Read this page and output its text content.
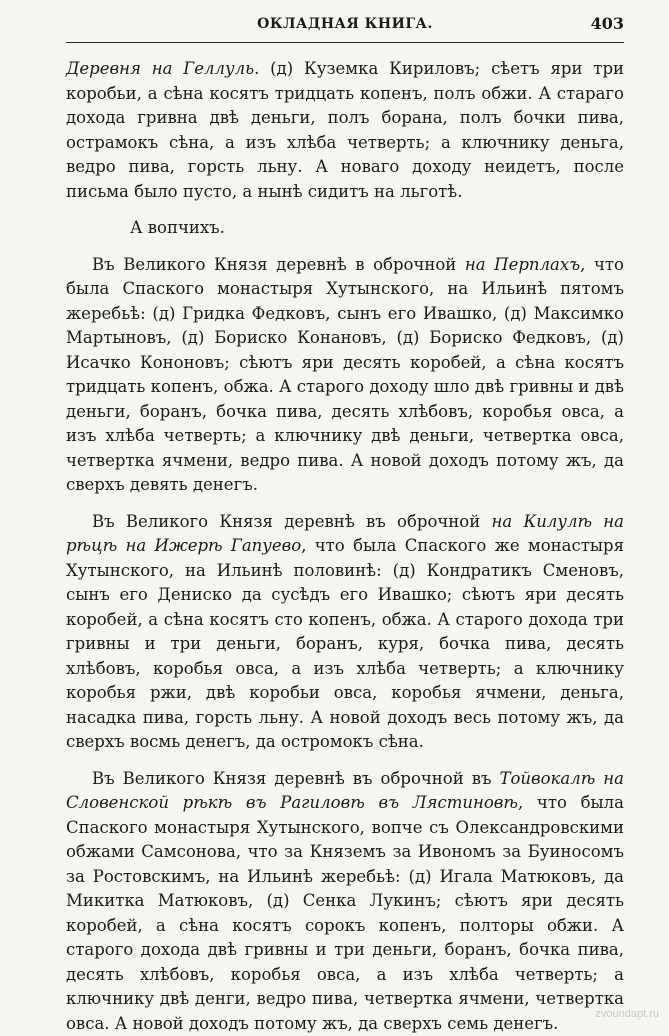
ОКЛАДНАЯ КНИГА.	403

Деревня на Геллуль. (д) Куземка Кириловъ; сѣетъ яри три коробьи, а сѣна косятъ тридцать копенъ, полъ обжи. А стараго дохода гривна двѣ деньги, полъ борана, полъ бочки пива, острамокъ сѣна, а изъ хлѣба четверть; а ключнику деньга, ведро пива, горсть льну. А новаго доходу неидетъ, после письма было пусто, а нынѣ сидитъ на льготѣ.

А вопчихъ.

Въ Великого Князя деревнѣ в оброчной на Перплахъ, что была Спаского монастыря Хутынского, на Ильинѣ пятомъ жеребьѣ: (д) Гридка Федковъ, сынъ его Ивашко, (д) Максимко Мартыновъ, (д) Бориско Конановъ, (д) Бориско Федковъ, (д) Исачко Кононовъ; сѣютъ яри десять коробей, а сѣна косятъ тридцать копенъ, обжа. А старого доходу шло двѣ гривны и двѣ деньги, боранъ, бочка пива, десять хлѣбовъ, коробья овса, а изъ хлѣба четверть; а ключнику двѣ деньги, четвертка овса, четвертка ячмени, ведро пива. А новой доходъ потому жъ, да сверхъ девять денегъ.

Въ Великого Князя деревнѣ въ оброчной на Килулѣ на рѣцѣ на Ижерѣ Гапуево, что была Спаского же монастыря Хутынского, на Ильинѣ половинѣ: (д) Кондратикъ Сменовъ, сынъ его Дениско да сусѣдъ его Ивашко; сѣютъ яри десять коробей, а сѣна косятъ сто копенъ, обжа. А старого дохода три гривны и три деньги, боранъ, куря, бочка пива, десять хлѣбовъ, коробья овса, а изъ хлѣба четверть; а ключнику коробья ржи, двѣ коробьи овса, коробья ячмени, деньга, насадка пива, горсть льну. А новой доходъ весь потому жъ, да сверхъ восмь денегъ, да остромокъ сѣна.

Въ Великого Князя деревнѣ въ оброчной въ Тойвокалѣ на Словенской рѣкѣ въ Рагиловѣ въ Лястиновѣ, что была Спаского монастыря Хутынского, вопче съ Олександровскими обжами Самсонова, что за Княземъ за Ивономъ за Буиносомъ за Ростовскимъ, на Ильинѣ жеребьѣ: (д) Игала Матюковъ, да Микитка Матюковъ, (д) Сенка Лукинъ; сѣютъ яри десять коробей, а сѣна косятъ сорокъ копенъ, полторы обжи. А старого дохода двѣ гривны и три деньги, боранъ, бочка пива, десять хлѣбовъ, коробья овса, а изъ хлѣба четверть; а ключнику двѣ денги, ведро пива, четвертка ячмени, четвертка овса. А новой доходъ потому жъ, да сверхъ семь денегъ.	zvoundapt.ru
